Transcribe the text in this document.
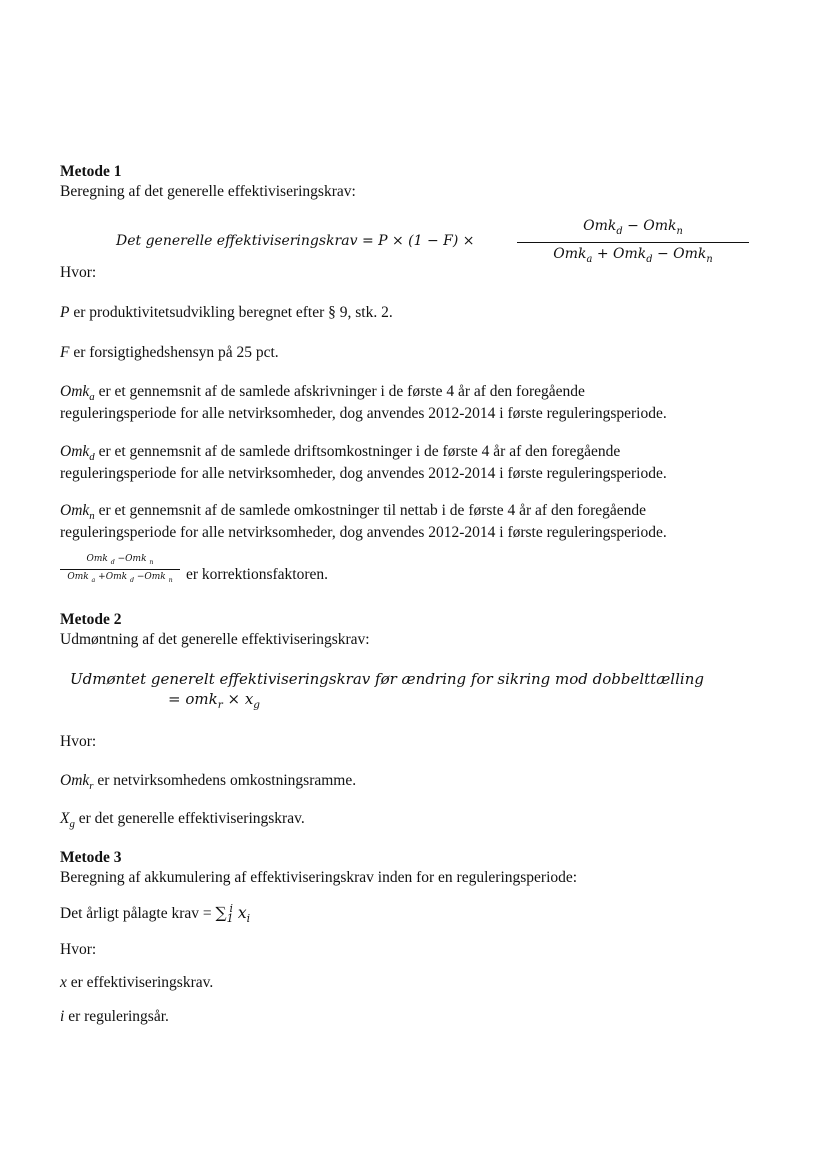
Metode 1

Beregning af det generelle effektiviseringskrav:

Det generelle effektiviseringskrav = P × (1 − F) ×
Omk$_d$ − Omk$_n$
Omk$_a$ + Omk$_d$ − Omk$_n$

Hvor:

P er produktivitetsudvikling beregnet efter § 9, stk. 2.

F er forsigtighedshensyn på 25 pct.

Omk$_a$ er et gennemsnit af de samlede afskrivninger i de første 4 år af den foregående

reguleringsperiode for alle netvirksomheder, dog anvendes 2012-2014 i første reguleringsperiode.

Omk$_d$ er et gennemsnit af de samlede driftsomkostninger i de første 4 år af den foregående

reguleringsperiode for alle netvirksomheder, dog anvendes 2012-2014 i første reguleringsperiode.

Omk$_n$ er et gennemsnit af de samlede omkostninger til nettab i de første 4 år af den foregående

reguleringsperiode for alle netvirksomheder, dog anvendes 2012-2014 i første reguleringsperiode.

Omk $_d$ −Omk $_n$
Omk $_a$ +Omk $_d$ −Omk $_n$ er korrektionsfaktoren.

Metode 2

Udmøntning af det generelle effektiviseringskrav:

Udmøntet generelt effektiviseringskrav før ændring for sikring mod dobbelttælling

= $omk_r \times x_g$

Hvor:

Omk$_r$ er netvirksomhedens omkostningsramme.

$X_g$ er det generelle effektiviseringskrav.

Metode 3

Beregning af akkumulering af effektiviseringskrav inden for en reguleringsperiode:

Det årligt pålagte krav = $\sum_1^i$ $x_i$

Hvor:

x er effektiviseringskrav.

i er reguleringsår.
